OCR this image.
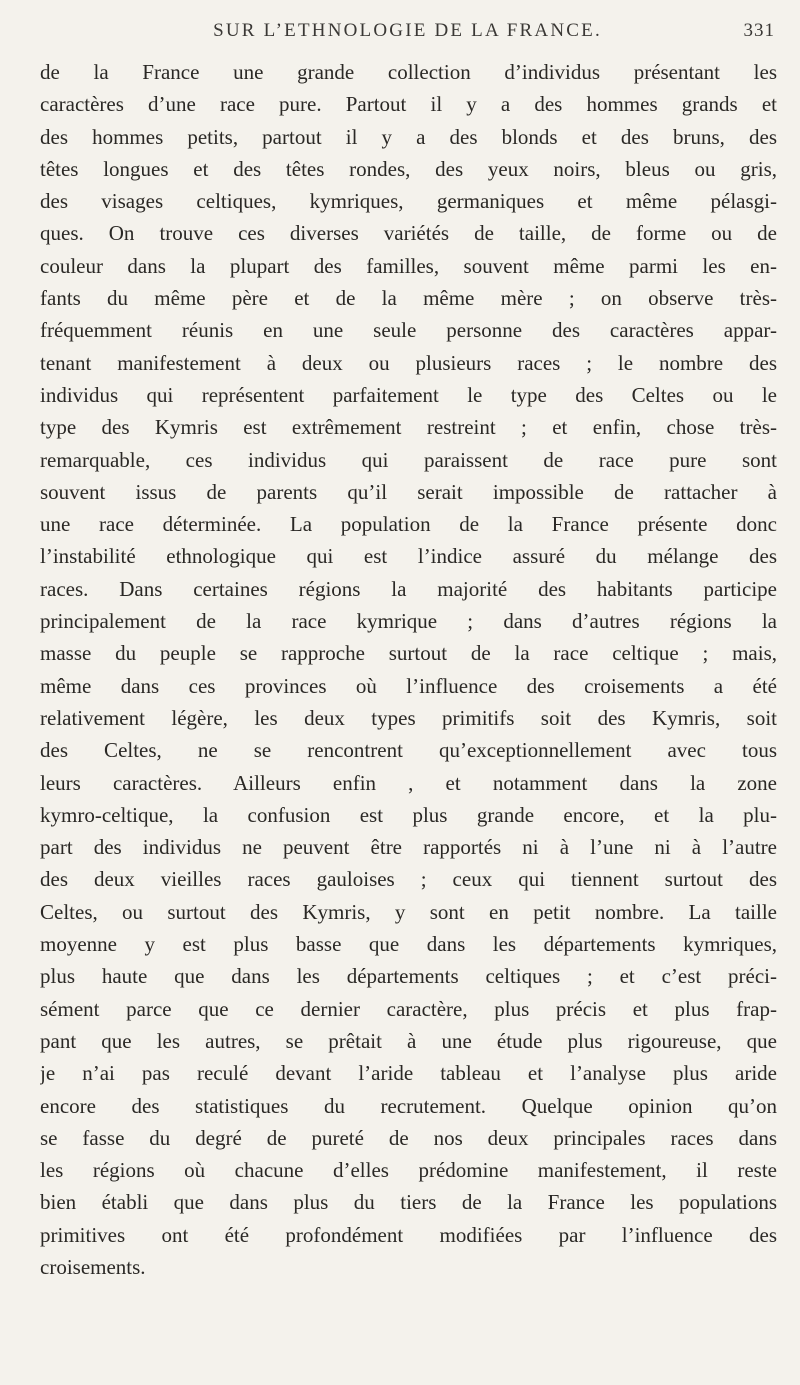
SUR L’ETHNOLOGIE DE LA FRANCE.	331
de la France une grande collection d’individus présentant les
caractères d’une race pure. Partout il y a des hommes grands et
des hommes petits, partout il y a des blonds et des bruns, des
têtes longues et des têtes rondes, des yeux noirs, bleus ou gris,
des visages celtiques, kymriques, germaniques et même pélasgi-
ques. On trouve ces diverses variétés de taille, de forme ou de
couleur dans la plupart des familles, souvent même parmi les en-
fants du même père et de la même mère ; on observe très-
fréquemment réunis en une seule personne des caractères appar-
tenant manifestement à deux ou plusieurs races ; le nombre des
individus qui représentent parfaitement le type des Celtes ou le
type des Kymris est extrêmement restreint ; et enfin, chose très-
remarquable, ces individus qui paraissent de race pure sont
souvent issus de parents qu’il serait impossible de rattacher à
une race déterminée. La population de la France présente donc
l’instabilité ethnologique qui est l’indice assuré du mélange des
races. Dans certaines régions la majorité des habitants participe
principalement de la race kymrique ; dans d’autres régions la
masse du peuple se rapproche surtout de la race celtique ; mais,
même dans ces provinces où l’influence des croisements a été
relativement légère, les deux types primitifs soit des Kymris, soit
des Celtes, ne se rencontrent qu’exceptionnellement avec tous
leurs caractères. Ailleurs enfin , et notamment dans la zone
kymro-celtique, la confusion est plus grande encore, et la plu-
part des individus ne peuvent être rapportés ni à l’une ni à l’autre
des deux vieilles races gauloises ; ceux qui tiennent surtout des
Celtes, ou surtout des Kymris, y sont en petit nombre. La taille
moyenne y est plus basse que dans les départements kymriques,
plus haute que dans les départements celtiques ; et c’est préci-
sément parce que ce dernier caractère, plus précis et plus frap-
pant que les autres, se prêtait à une étude plus rigoureuse, que
je n’ai pas reculé devant l’aride tableau et l’analyse plus aride
encore des statistiques du recrutement. Quelque opinion qu’on
se fasse du degré de pureté de nos deux principales races dans
les régions où chacune d’elles prédomine manifestement, il reste
bien établi que dans plus du tiers de la France les populations
primitives ont été profondément modifiées par l’influence des
croisements.
